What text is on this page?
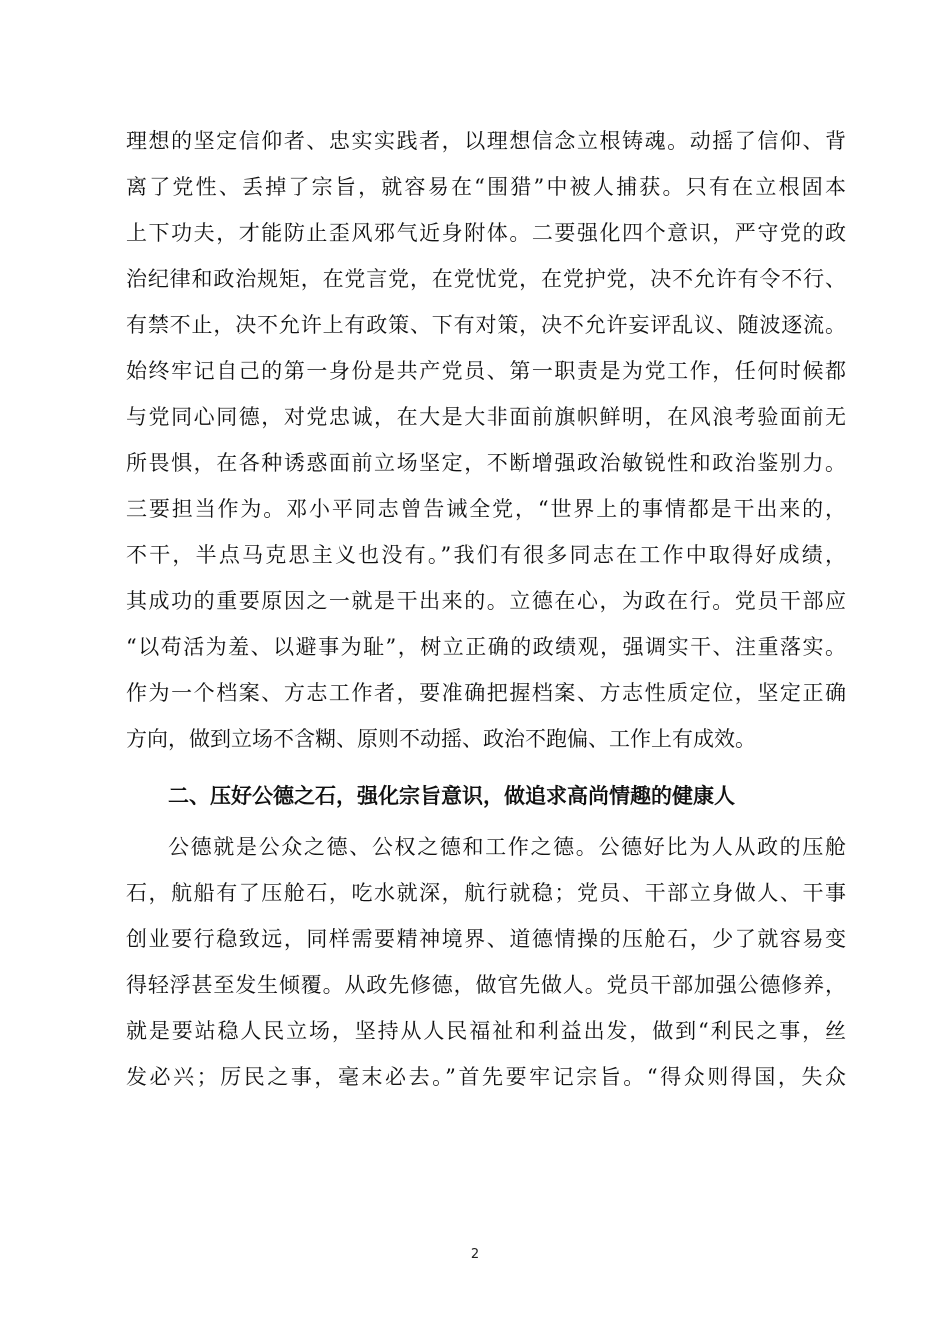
理想的坚定信仰者、忠实实践者，以理想信念立根铸魂。动摇了信仰、背
离了党性、丢掉了宗旨，就容易在“围猎”中被人捕获。只有在立根固本
上下功夫，才能防止歪风邪气近身附体。二要强化四个意识，严守党的政
治纪律和政治规矩，在党言党，在党忧党，在党护党，决不允许有令不行、
有禁不止，决不允许上有政策、下有对策，决不允许妄评乱议、随波逐流。
始终牢记自己的第一身份是共产党员、第一职责是为党工作，任何时候都
与党同心同德，对党忠诚，在大是大非面前旗帜鲜明，在风浪考验面前无
所畏惧，在各种诱惑面前立场坚定，不断增强政治敏锐性和政治鉴别力。
三要担当作为。邓小平同志曾告诫全党，“世界上的事情都是干出来的，
不干，半点马克思主义也没有。”我们有很多同志在工作中取得好成绩，
其成功的重要原因之一就是干出来的。立德在心，为政在行。党员干部应
“以苟活为羞、以避事为耻”，树立正确的政绩观，强调实干、注重落实。
作为一个档案、方志工作者，要准确把握档案、方志性质定位，坚定正确
方向，做到立场不含糊、原则不动摇、政治不跑偏、工作上有成效。
二、压好公德之石，强化宗旨意识，做追求高尚情趣的健康人
公德就是公众之德、公权之德和工作之德。公德好比为人从政的压舱
石，航船有了压舱石，吃水就深，航行就稳；党员、干部立身做人、干事
创业要行稳致远，同样需要精神境界、道德情操的压舱石，少了就容易变
得轻浮甚至发生倾覆。从政先修德，做官先做人。党员干部加强公德修养，
就是要站稳人民立场，坚持从人民福祉和利益出发，做到“利民之事，丝
发必兴；厉民之事，毫末必去。”首先要牢记宗旨。“得众则得国，失众
2
